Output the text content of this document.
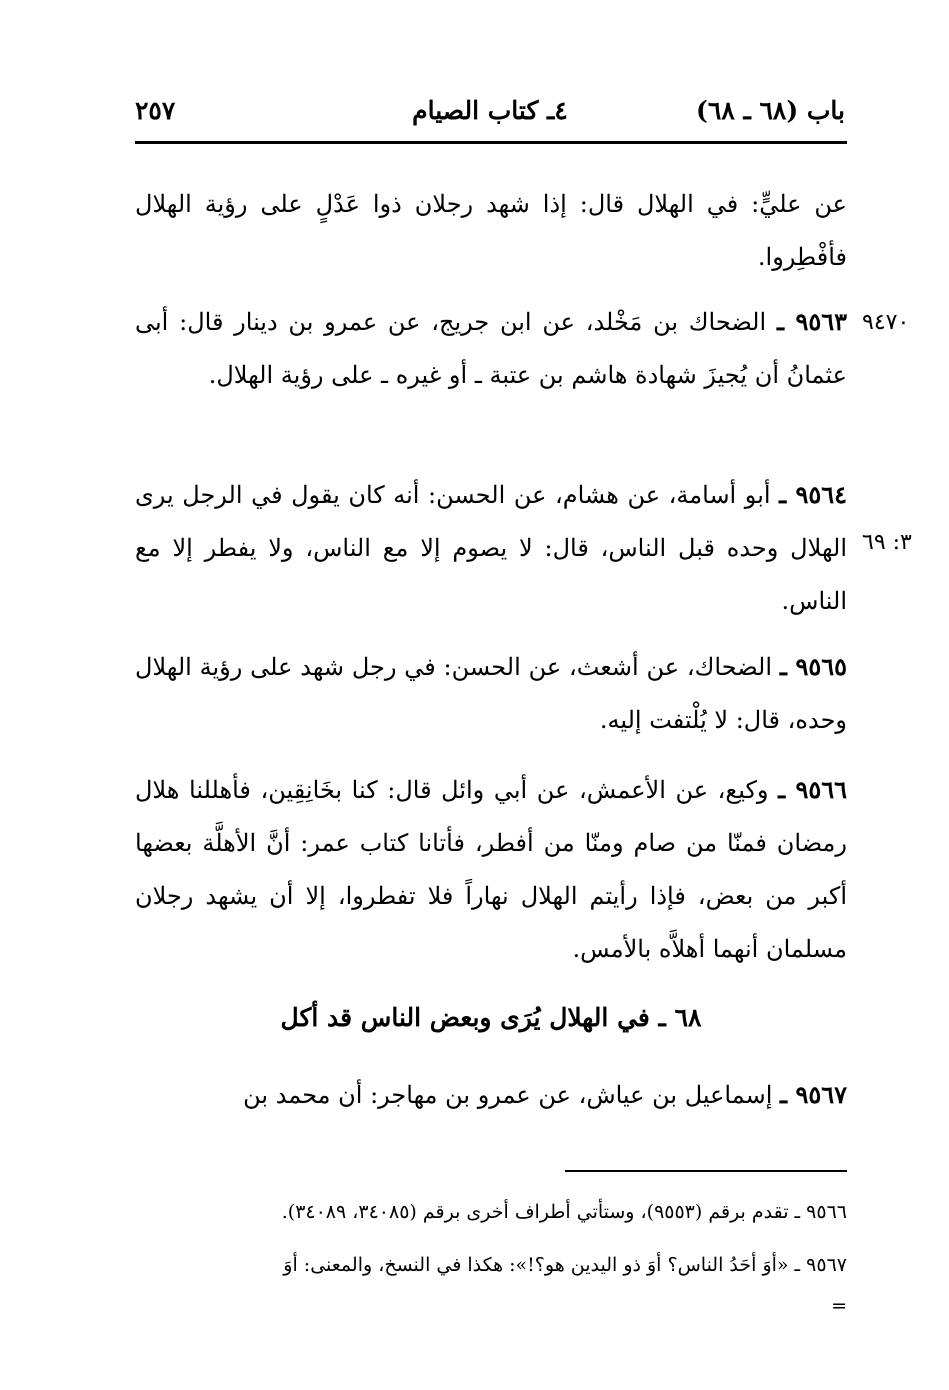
باب (٦٨ ـ ٦٨)
٤ـ كتاب الصيام
٢٥٧
عن عليٍّ: في الهلال قال: إذا شهد رجلان ذوا عَدْلٍ على رؤية الهلال فأفْطِروا.
٩٤٧٠
٩٥٦٣ ـ الضحاك بن مَخْلد، عن ابن جريج، عن عمرو بن دينار قال: أبى عثمانُ أن يُجيزَ شهادة هاشم بن عتبة ـ أو غيره ـ على رؤية الهلال.
٣: ٦٩
٩٥٦٤ ـ أبو أسامة، عن هشام، عن الحسن: أنه كان يقول في الرجل يرى الهلال وحده قبل الناس، قال: لا يصوم إلا مع الناس، ولا يفطر إلا مع الناس.
٩٥٦٥ ـ الضحاك، عن أشعث، عن الحسن: في رجل شهد على رؤية الهلال وحده، قال: لا يُلْتفت إليه.
٩٥٦٦ ـ وكيع، عن الأعمش، عن أبي وائل قال: كنا بخَانِقِين، فأهللنا هلال رمضان فمنّا من صام ومنّا من أفطر، فأتانا كتاب عمر: أنَّ الأهلَّة بعضها أكبر من بعض، فإذا رأيتم الهلال نهاراً فلا تفطروا، إلا أن يشهد رجلان مسلمان أنهما أهلاَّه بالأمس.
٦٨ ـ في الهلال يُرَى وبعض الناس قد أكل
٩٥٦٧ ـ إسماعيل بن عياش، عن عمرو بن مهاجر: أن محمد بن
٩٥٦٦ ـ تقدم برقم (٩٥٥٣)، وستأتي أطراف أخرى برقم (٣٤٠٨٥، ٣٤٠٨٩).
٩٥٦٧ ـ «أوَ أحَدُ الناس؟ أوَ ذو اليدين هو؟!»: هكذا في النسخ، والمعنى: أوَ
=
